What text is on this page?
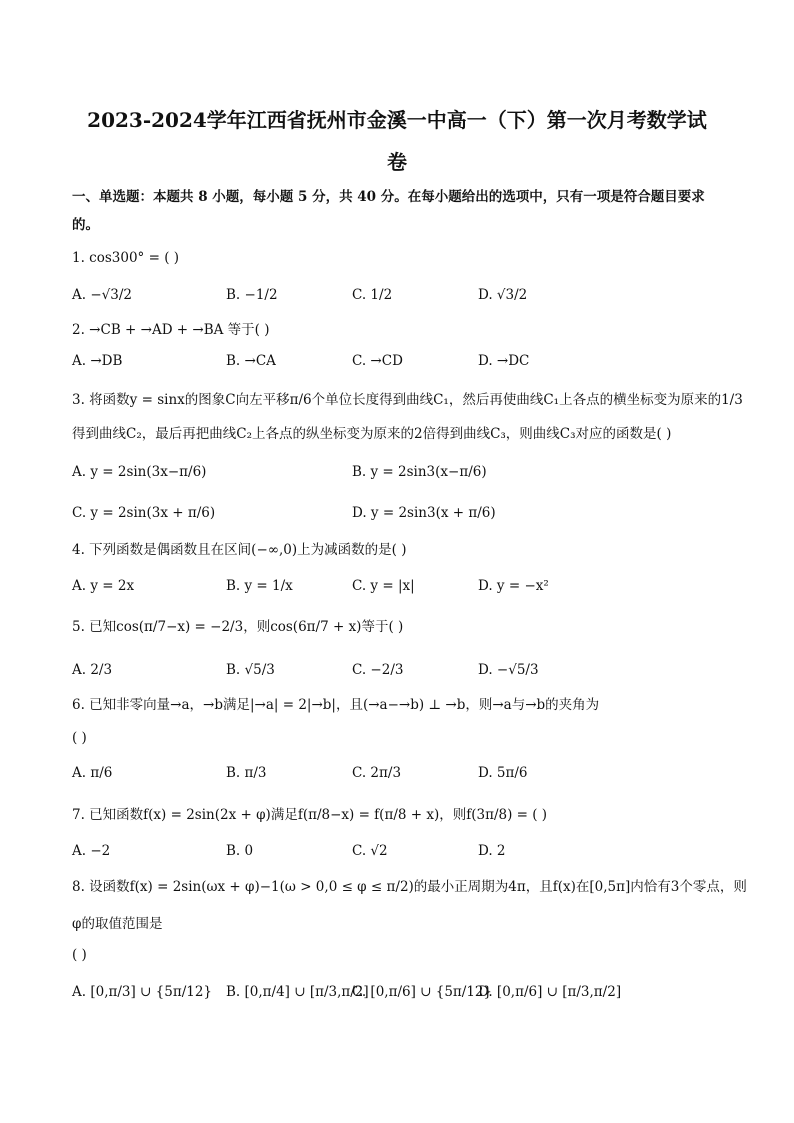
2023-2024学年江西省抚州市金溪一中高一（下）第一次月考数学试
卷
一、单选题：本题共 8 小题，每小题 5 分，共 40 分。在每小题给出的选项中，只有一项是符合题目要求
的。
1. cos300° = ( )
A. −√3/2	B. −1/2	C. 1/2	D. √3/2
2. →CB + →AD + →BA 等于( )
A. →DB	B. →CA	C. →CD	D. →DC
3. 将函数y = sinx的图象C向左平移π/6个单位长度得到曲线C₁，然后再使曲线C₁上各点的横坐标变为原来的1/3
得到曲线C₂，最后再把曲线C₂上各点的纵坐标变为原来的2倍得到曲线C₃，则曲线C₃对应的函数是( )
A. y = 2sin(3x−π/6)	B. y = 2sin3(x−π/6)
C. y = 2sin(3x + π/6)	D. y = 2sin3(x + π/6)
4. 下列函数是偶函数且在区间(−∞,0)上为减函数的是( )
A. y = 2x	B. y = 1/x	C. y = |x|	D. y = −x²
5. 已知cos(π/7−x) = −2/3，则cos(6π/7 + x)等于( )
A. 2/3	B. √5/3	C. −2/3	D. −√5/3
6. 已知非零向量→a，→b满足|→a| = 2|→b|，且(→a−→b) ⊥ →b，则→a与→b的夹角为
( )
A. π/6	B. π/3	C. 2π/3	D. 5π/6
7. 已知函数f(x) = 2sin(2x + φ)满足f(π/8−x) = f(π/8 + x)，则f(3π/8) = ( )
A. −2	B. 0	C. √2	D. 2
8. 设函数f(x) = 2sin(ωx + φ)−1(ω > 0,0 ≤ φ ≤ π/2)的最小正周期为4π，且f(x)在[0,5π]内恰有3个零点，则
φ的取值范围是
( )
A. [0,π/3] ∪ {5π/12} B. [0,π/4] ∪ [π/3,π/2]
C. [0,π/6] ∪ {5π/12}
D. [0,π/6] ∪ [π/3,π/2]
